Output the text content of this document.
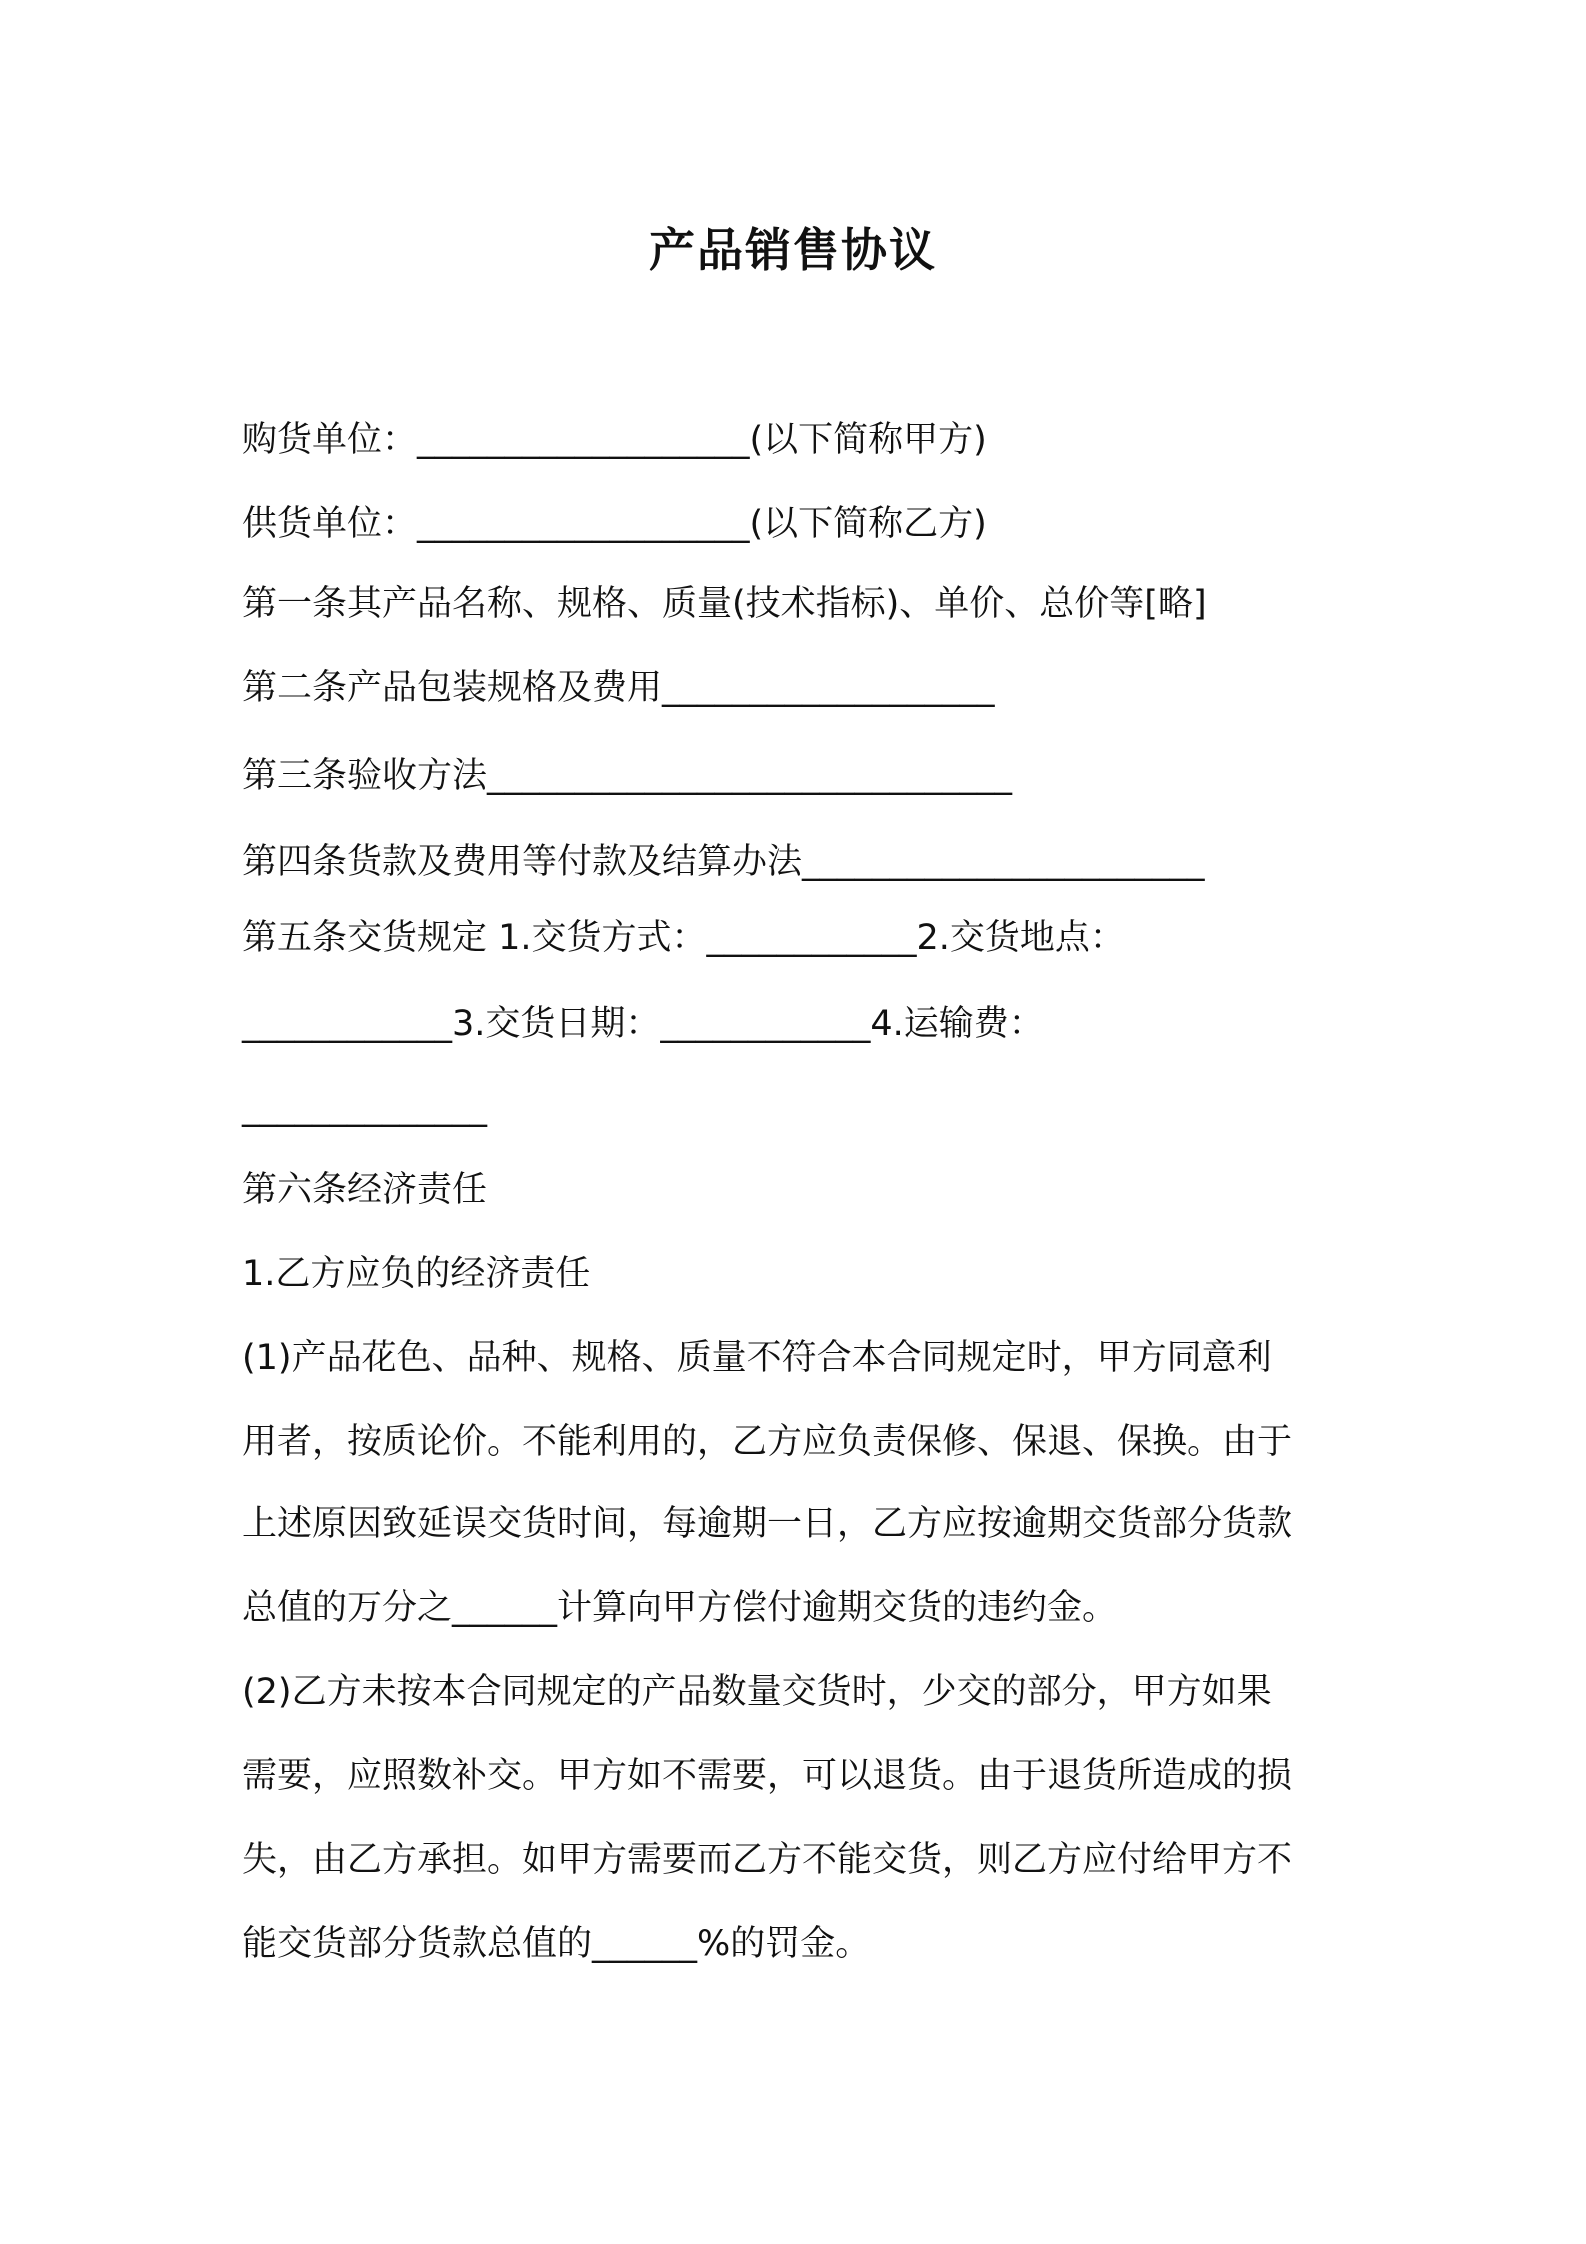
产品销售协议
购货单位：___________________(以下简称甲方)
供货单位：___________________(以下简称乙方)
第一条其产品名称、规格、质量(技术指标)、单价、总价等[略]
第二条产品包装规格及费用___________________
第三条验收方法______________________________
第四条货款及费用等付款及结算办法_______________________
第五条交货规定 1.交货方式：____________2.交货地点：
____________3.交货日期：____________4.运输费：
______________
第六条经济责任
1.乙方应负的经济责任
(1)产品花色、品种、规格、质量不符合本合同规定时，甲方同意利
用者，按质论价。不能利用的，乙方应负责保修、保退、保换。由于
上述原因致延误交货时间，每逾期一日，乙方应按逾期交货部分货款
总值的万分之______计算向甲方偿付逾期交货的违约金。
(2)乙方未按本合同规定的产品数量交货时，少交的部分，甲方如果
需要，应照数补交。甲方如不需要，可以退货。由于退货所造成的损
失，由乙方承担。如甲方需要而乙方不能交货，则乙方应付给甲方不
能交货部分货款总值的______%的罚金。
